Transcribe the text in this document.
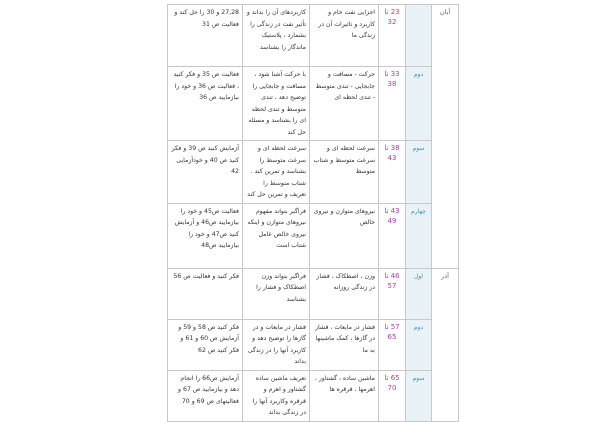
آبان		23 تا 32	اجزایی نفت خام و کاربرد و تاثیرات آن در زندگی ما	کاربردهای آن را بداند و تأثیر نفت در زندگی را بشمارد ، پلاستیک ماندگار را بشناسد	27,28 و 30 را حل کند و فعالیت ص 31
	دوم	33 تا 38	حرکت - مسافت و جابجایی - تندی متوسط - تندی لحظه ای	با حرکت آشنا شود ، مسافت و جابجایی را توضیح دهد ، تندی متوسط و تندی لحظه ای را بشناسد و مسئله حل کند	فعالیت ص 35 و فکر کنید ، فعالیت ص 36 و خود را بیازمایید ص 36
	سوم	38 تا 43	سرعت لحظه ای و سرعت متوسط و شتاب متوسط	سرعت لحظه ای و سرعت متوسط را بشناسد و تمرین کند . شتاب متوسط را تعریف و تمرین حل کند	آزمایش کنید ص 39 و فکر کنید ص 40 و خودآزمایی 42
	چهارم	43 تا 49	نیروهای متوازن و نیروی خالص	فراگیر بتواند مفهوم نیروهای متوازن و اینکه نیروی خالص عامل شتاب است	فعالیت ص45 و خود را بیازمایید ص46 و آزمایش کنید ص47 و خود را بیازمایید ص48
آذر	اول	46 تا 57	وزن ، اصطکاک ، فشار در زندگی روزانه	فراگیر بتواند وزن اصطکاک و فشار را بشناسد	فکر کنید و فعالیت ص 56
	دوم	57 تا 65	فشار در مایعات ، فشار در گازها ، کمک ماشینها به ما	فشار در مایعات و در گازها را توضیح دهد و کاربرد آنها را در زندگی بداند	فکر کنید ص 58 و 59 و آزمایش ص 60 و 61 و فکر کنید ص 62
	سوم	65 تا 70	ماشین ساده ، گشتاور ، اهرمها ، قرقره ها	تعریف ماشین ساده گشتاور و اهرم و قرقره وکاربرد آنها را در زندگی بداند	آزمایش ص66 را انجام دهد و بیازمایید ص 67 و فعالیتهای ص 69 و 70
